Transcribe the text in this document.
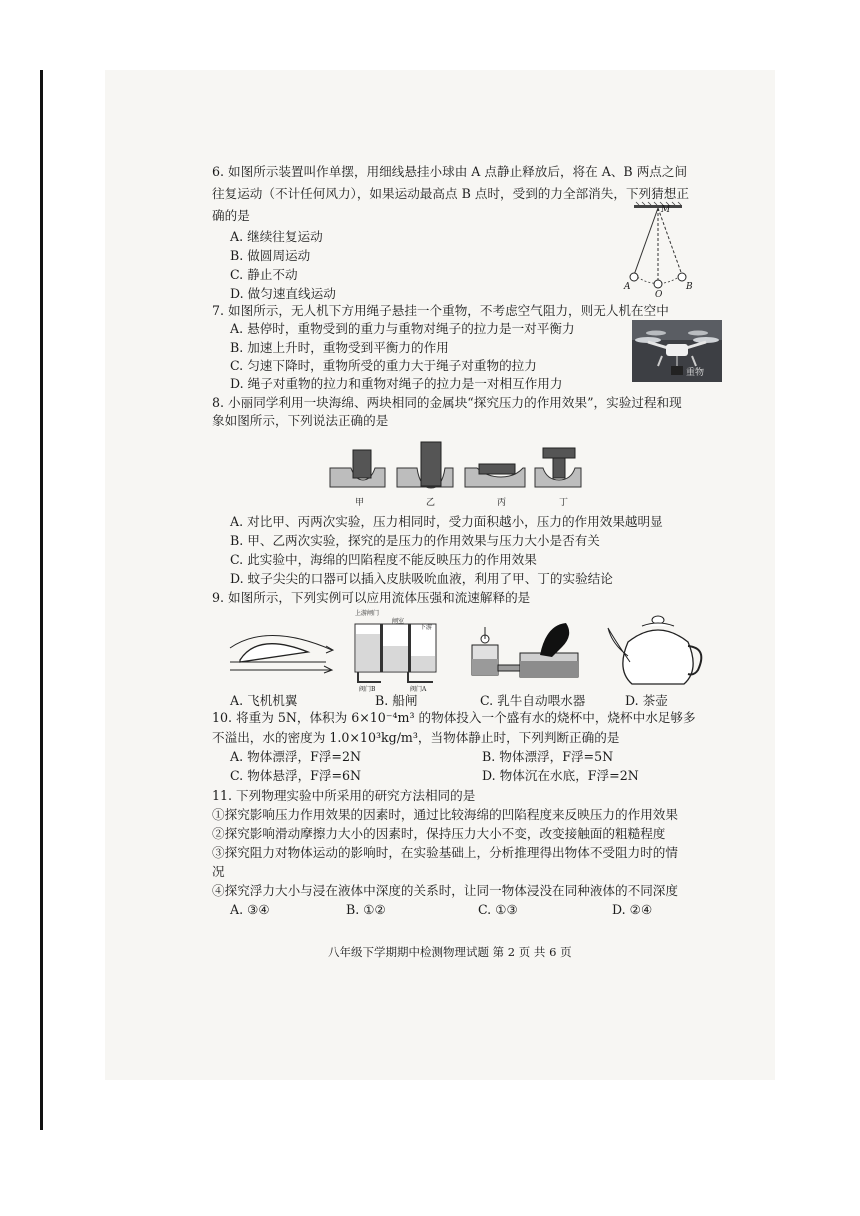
6. 如图所示装置叫作单摆，用细线悬挂小球由 A 点静止释放后，将在 A、B 两点之间
往复运动（不计任何风力），如果运动最高点 B 点时，受到的力全部消失，下列猜想正
确的是
A. 继续往复运动
B. 做圆周运动
C. 静止不动
D. 做匀速直线运动
M
A
O
B
7. 如图所示，无人机下方用绳子悬挂一个重物，不考虑空气阻力，则无人机在空中
A. 悬停时，重物受到的重力与重物对绳子的拉力是一对平衡力
B. 加速上升时，重物受到平衡力的作用
C. 匀速下降时，重物所受的重力大于绳子对重物的拉力
D. 绳子对重物的拉力和重物对绳子的拉力是一对相互作用力
重物
8. 小丽同学利用一块海绵、两块相同的金属块“探究压力的作用效果”，实验过程和现
象如图所示，下列说法正确的是
甲	乙	丙	丁
A. 对比甲、丙两次实验，压力相同时，受力面积越小，压力的作用效果越明显
B. 甲、乙两次实验，探究的是压力的作用效果与压力大小是否有关
C. 此实验中，海绵的凹陷程度不能反映压力的作用效果
D. 蚊子尖尖的口器可以插入皮肤吸吮血液，利用了甲、丁的实验结论
9. 如图所示，下列实例可以应用流体压强和流速解释的是
上游闸门
闸室
下游
阀门B	阀门A
A. 飞机机翼	B. 船闸	C. 乳牛自动喂水器	D. 茶壶
10. 将重为 5N，体积为 6×10⁻⁴m³ 的物体投入一个盛有水的烧杯中，烧杯中水足够多
不溢出，水的密度为 1.0×10³kg/m³，当物体静止时，下列判断正确的是
A. 物体漂浮，F浮=2N	B. 物体漂浮，F浮=5N
C. 物体悬浮，F浮=6N	D. 物体沉在水底，F浮=2N
11. 下列物理实验中所采用的研究方法相同的是
①探究影响压力作用效果的因素时，通过比较海绵的凹陷程度来反映压力的作用效果
②探究影响滑动摩擦力大小的因素时，保持压力大小不变，改变接触面的粗糙程度
③探究阻力对物体运动的影响时，在实验基础上，分析推理得出物体不受阻力时的情
况
④探究浮力大小与浸在液体中深度的关系时，让同一物体浸没在同种液体的不同深度
A. ③④	B. ①②	C. ①③	D. ②④
八年级下学期期中检测物理试题 第 2 页 共 6 页
